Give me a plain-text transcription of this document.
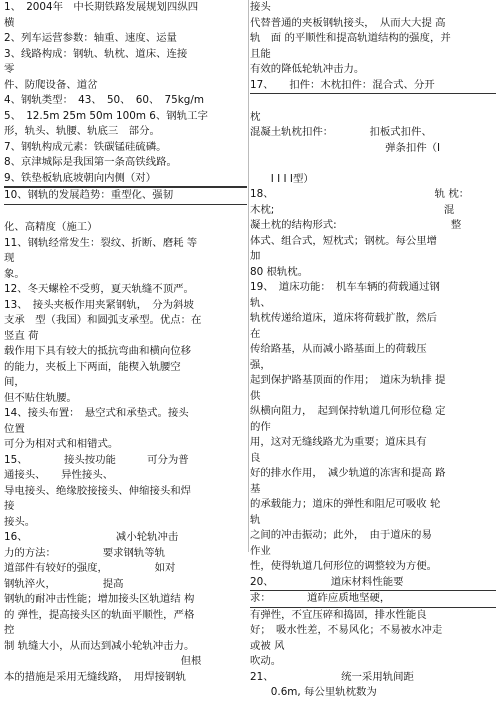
1、　2004年　中长期铁路发展规划四纵四
横
2、列车运营参数：轴重、速度、运量
3、线路构成：钢轨、轨枕、道床、连接
零
件、防爬设备、道岔
4、钢轨类型：　43、　50、　60、　75kg/m
5、　12.5m 25m 50m 100m 6、钢轨工字
形，轨头、轨腰、轨底三　部分。
7、钢轨构成元素：铁碳锰硅硫磷。
8、京津城际是我国第一条高铁线路。
9、铁垫板轨底坡朝向内侧（对）
10、钢轨的发展趋势：重型化、强韧
化、高精度（施工）
11、钢轨经常发生：裂纹、折断、磨耗 等
现
象。
12、冬天螺栓不受剪，夏天轨缝不顶严。
13、　接头夹板作用夹紧钢轨，　分为斜坡
支承　型（我国）和圆弧支承型。优点：在
竖直 荷
载作用下具有较大的抵抗弯曲和横向位移
的能力，夹板上下两面，能楔入轨腰空
间，
但不贴住轨腰。
14、接头布置：　悬空式和承垫式。接头
位置
可分为相对式和相错式。
15、　　　　接头按功能　　　可分为普
通接头、　　异性接头、
导电接头、绝缘胶接接头、伸缩接头和焊
接
接头。
16、　　　　　　　　　减小轮轨冲击
力的方法：　　　　　要求钢轨等轨
道部件有较好的强度，　　　　　如对
钢轨淬火，　　　　　提高
钢轨的耐冲击性能；增加接头区轨道结 构
的 弹性，提高接头区的轨面平顺性，严格
控
制 轨缝大小，从而达到减小轮轨冲击力。
　　　　　　　　　　　　　　　　　但根
本的措施是采用无缝线路，　用焊接钢轨
接头
代替普通的夹板钢轨接头，　从而大大提 高
轨　面 的平顺性和提高轨道结构的强度，并
且能
有效的降低轮轨冲击力。
17、　　扣件：木枕扣件：混合式、分开
枕
混凝土轨枕扣件：　　　　扣板式扣件、
　　　　　　　　　　　　　弹条扣件（Ⅰ
　　Ⅰ Ⅰ Ⅰ Ⅰ型）
18、　　　　　　　　　　　　　　　　轨 枕：
木枕;　　　　　　　　　　　　　　　　 混
凝土枕的结构形式:　　　　　　　　　　　整
体式、组合式，短枕式；钢枕。每公里增
加
80 根轨枕。
19、　道床功能：　机车车辆的荷载通过钢
轨、
轨枕传递给道床，道床将荷载扩散，然后
在
传给路基，从而减小路基面上的荷载压
强，
起到保护路基顶面的作用；　道床为轨排 提
供
纵横向阻力，　起到保持轨道几何形位稳 定
的作
用，这对无缝线路尤为重要；道床具有
良
好的排水作用，　减少轨道的冻害和提高 路
基
的承载能力；道床的弹性和阻尼可吸收 轮
轨
之间的冲击振动；此外，　由于道床的易
作业
性，使得轨道几何形位的调整较为方便。
20、　　　　　　道床材料性能要
求：　　　　道砟应质地坚硬，
有弹性，不宜压碎和捣固，排水性能良
好；　吸水性差，不易风化；不易被水冲走
或被 风
吹动。
21、　　　　　　　统一采用轨间距
　　0.6m, 每公里轨枕数为
